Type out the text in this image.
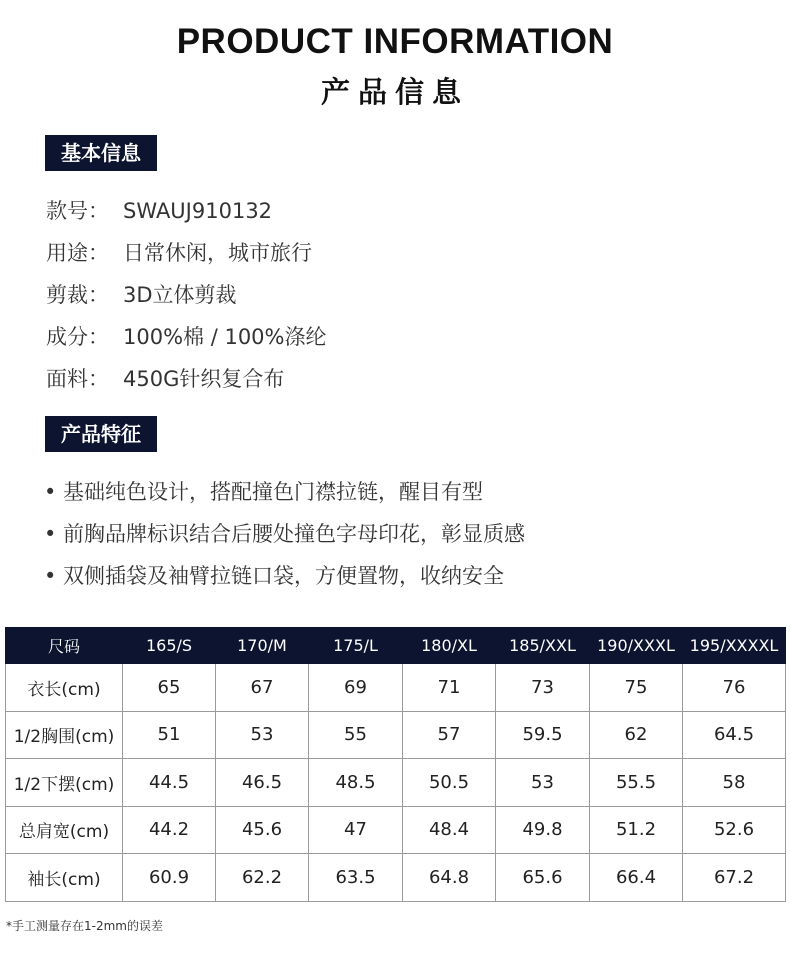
PRODUCT INFORMATION
产品信息
基本信息
款号： SWAUJ910132
用途： 日常休闲，城市旅行
剪裁： 3D立体剪裁
成分： 100%棉 / 100%涤纶
面料： 450G针织复合布
产品特征
• 基础纯色设计，搭配撞色门襟拉链，醒目有型
• 前胸品牌标识结合后腰处撞色字母印花，彰显质感
• 双侧插袋及袖臂拉链口袋，方便置物，收纳安全
尺码	165/S	170/M	175/L	180/XL	185/XXL	190/XXXL	195/XXXXL
衣长(cm)	65	67	69	71	73	75	76
1/2胸围(cm)	51	53	55	57	59.5	62	64.5
1/2下摆(cm)	44.5	46.5	48.5	50.5	53	55.5	58
总肩宽(cm)	44.2	45.6	47	48.4	49.8	51.2	52.6
袖长(cm)	60.9	62.2	63.5	64.8	65.6	66.4	67.2
*手工测量存在1-2mm的误差
